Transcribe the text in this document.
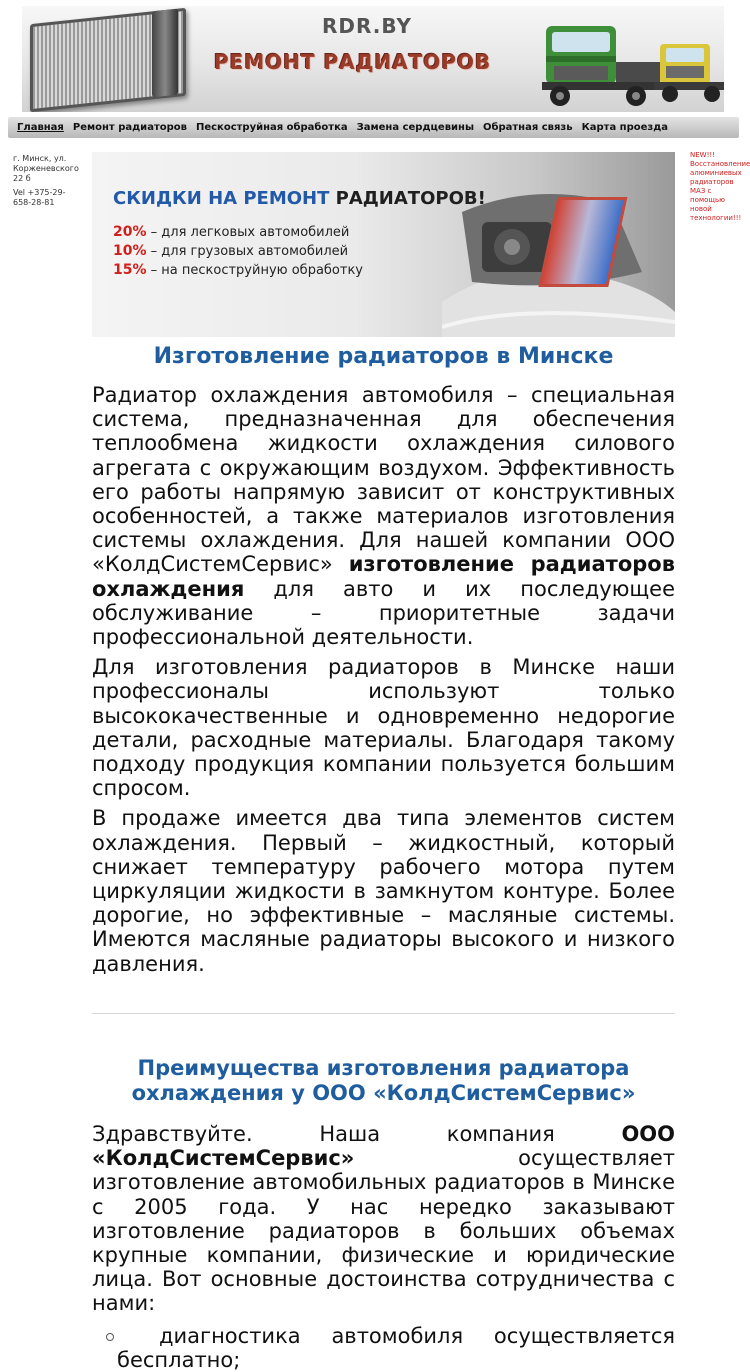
RDR.BY
РЕМОНТ РАДИАТОРОВ
Главная Ремонт радиаторов Пескоструйная обработка Замена сердцевины Обратная связь Карта проезда
г. Минск, ул. Корженевского 22 б
Vel +375-29-658-28-81
NEW!!!
Восстановление алюминиевых радиаторов МАЗ с помощью новой технологии!!!
СКИДКИ НА РЕМОНТ РАДИАТОРОВ!
20% – для легковых автомобилей
10% – для грузовых автомобилей
15% – на пескоструйную обработку
Изготовление радиаторов в Минске

Радиатор охлаждения автомобиля – специальная система, предназначенная для обеспечения теплообмена жидкости охлаждения силового агрегата с окружающим воздухом. Эффективность его работы напрямую зависит от конструктивных особенностей, а также материалов изготовления системы охлаждения. Для нашей компании ООО «КолдСистемСервис» изготовление радиаторов охлаждения для авто и их последующее обслуживание – приоритетные задачи профессиональной деятельности.

Для изготовления радиаторов в Минске наши профессионалы используют только высококачественные и одновременно недорогие детали, расходные материалы. Благодаря такому подходу продукция компании пользуется большим спросом.

В продаже имеется два типа элементов систем охлаждения. Первый – жидкостный, который снижает температуру рабочего мотора путем циркуляции жидкости в замкнутом контуре. Более дорогие, но эффективные – масляные системы. Имеются масляные радиаторы высокого и низкого давления.

Преимущества изготовления радиатора охлаждения у ООО «КолдСистемСервис»

Здравствуйте. Наша компания ООО «КолдСистемСервис» осуществляет изготовление автомобильных радиаторов в Минске с 2005 года. У нас нередко заказывают изготовление радиаторов в больших объемах крупные компании, физические и юридические лица. Вот основные достоинства сотрудничества с нами:

диагностика автомобиля осуществляется бесплатно;
